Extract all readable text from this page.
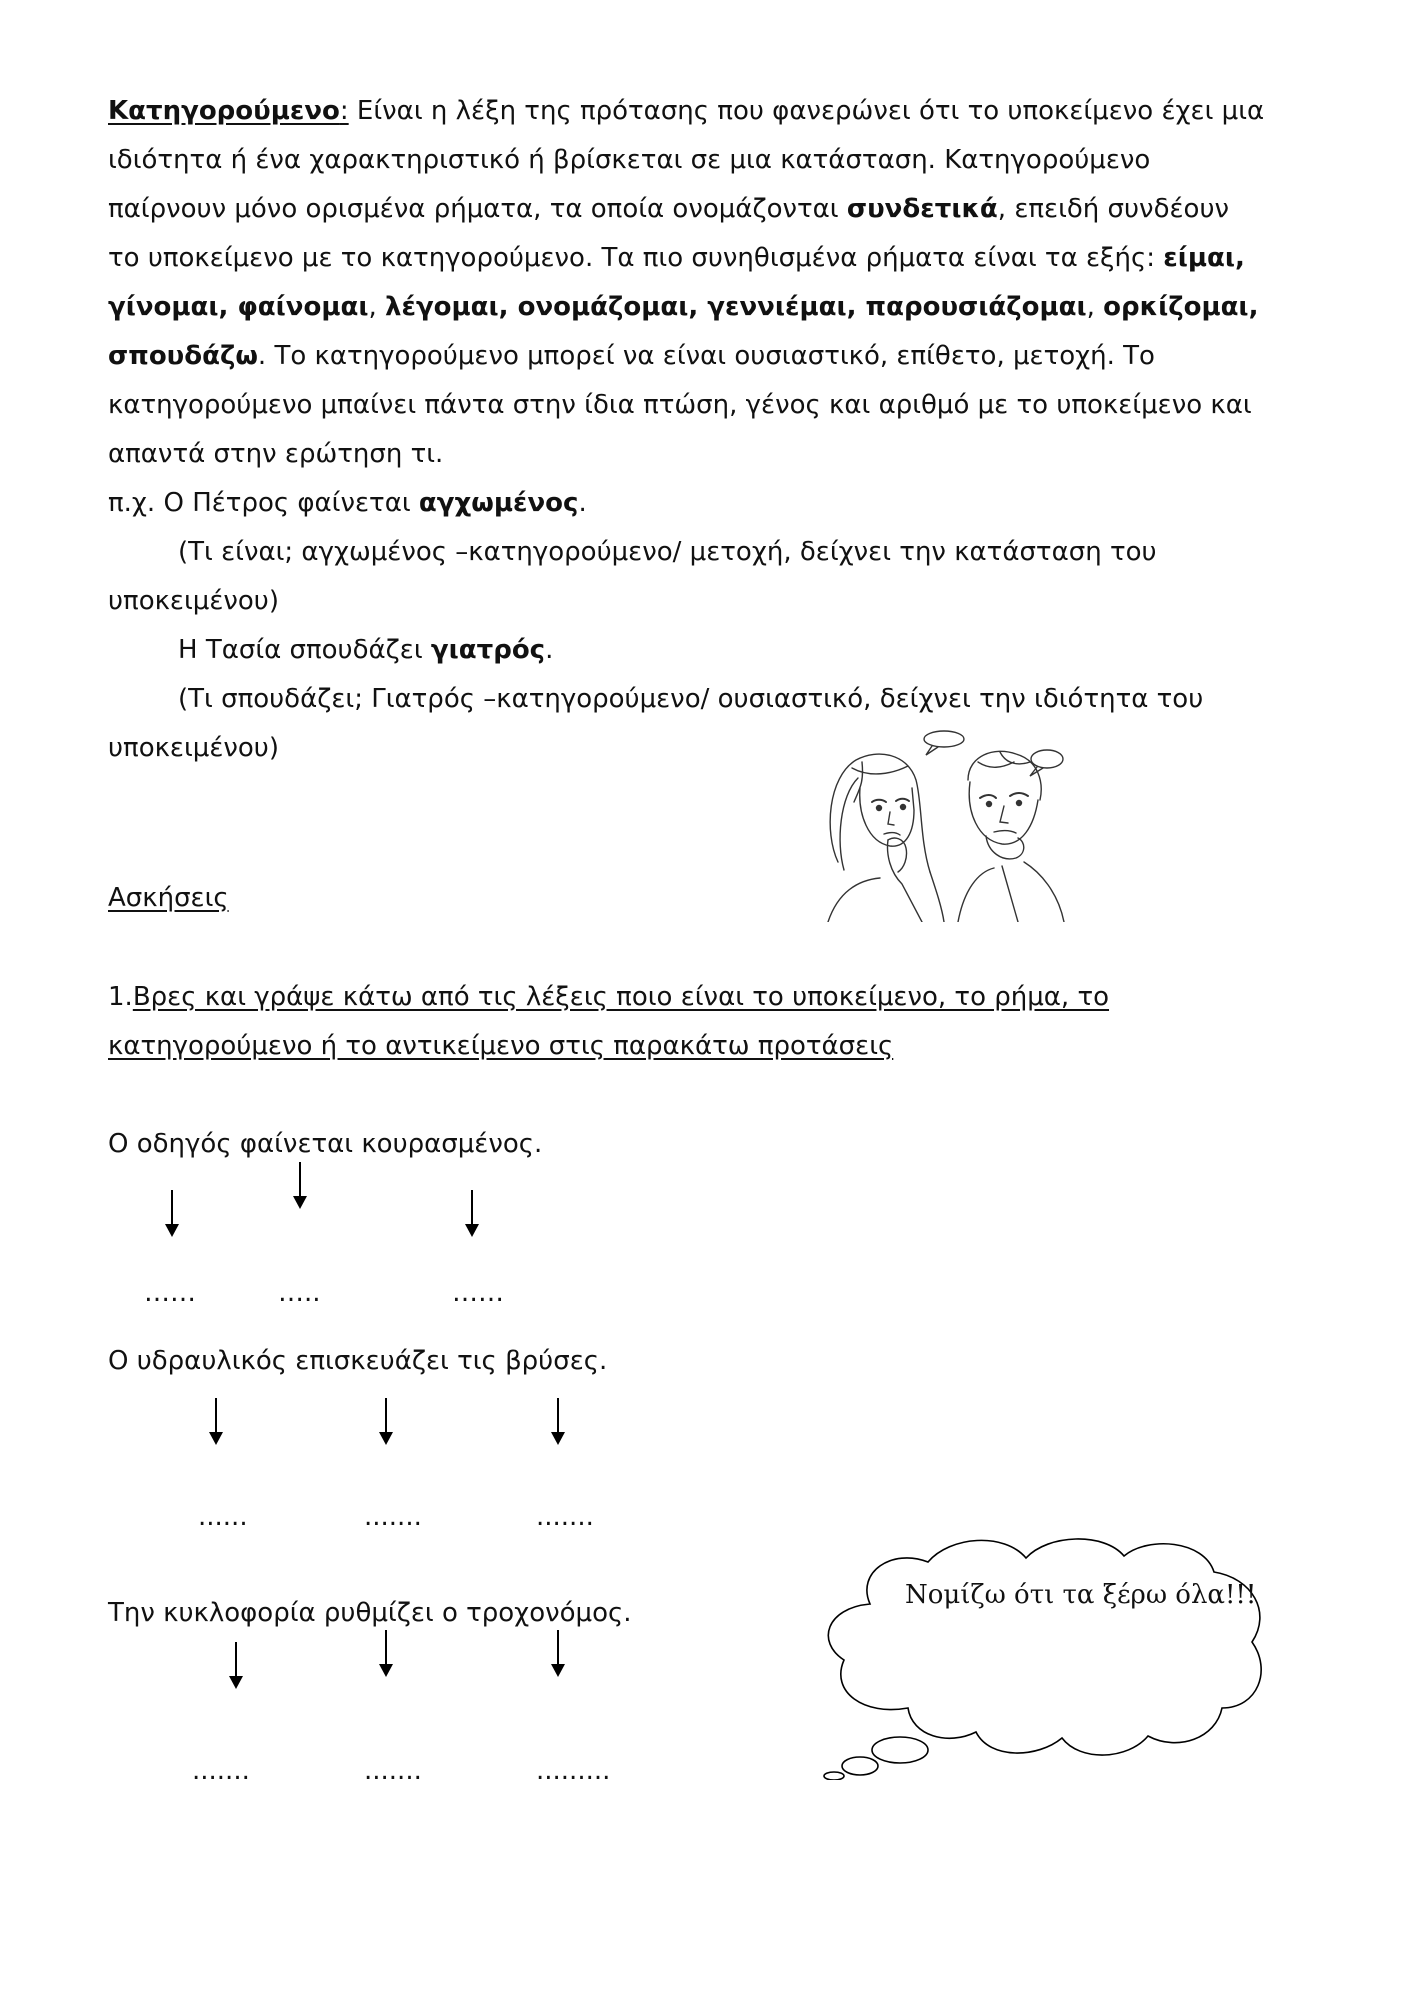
Κατηγορούμενο: Είναι η λέξη της πρότασης που φανερώνει ότι το υποκείμενο έχει μια
ιδιότητα ή ένα χαρακτηριστικό ή βρίσκεται σε μια κατάσταση. Κατηγορούμενο
παίρνουν μόνο ορισμένα ρήματα, τα οποία ονομάζονται συνδετικά, επειδή συνδέουν
το υποκείμενο με το κατηγορούμενο. Τα πιο συνηθισμένα ρήματα είναι τα εξής: είμαι,
γίνομαι, φαίνομαι, λέγομαι, ονομάζομαι, γεννιέμαι, παρουσιάζομαι, ορκίζομαι,
σπουδάζω. Το κατηγορούμενο μπορεί να είναι ουσιαστικό, επίθετο, μετοχή. Το
κατηγορούμενο μπαίνει πάντα στην ίδια πτώση, γένος και αριθμό με το υποκείμενο και
απαντά στην ερώτηση τι.
π.χ. Ο Πέτρος φαίνεται αγχωμένος.
(Τι είναι; αγχωμένος –κατηγορούμενο/ μετοχή, δείχνει την κατάσταση του
υποκειμένου)
Η Τασία σπουδάζει γιατρός.
(Τι σπουδάζει; Γιατρός –κατηγορούμενο/ ουσιαστικό, δείχνει την ιδιότητα του
υποκειμένου)
Ασκήσεις
1.Βρες και γράψε κάτω από τις λέξεις ποιο είναι το υποκείμενο, το ρήμα, το
κατηγορούμενο ή το αντικείμενο στις παρακάτω προτάσεις
Ο οδηγός φαίνεται κουρασμένος.
……	…..	……
Ο υδραυλικός επισκευάζει τις βρύσες.
......	.......	.......
Την κυκλοφορία ρυθμίζει ο τροχονόμος.
.......	.......	.........
Νομίζω ότι τα ξέρω όλα!!!
